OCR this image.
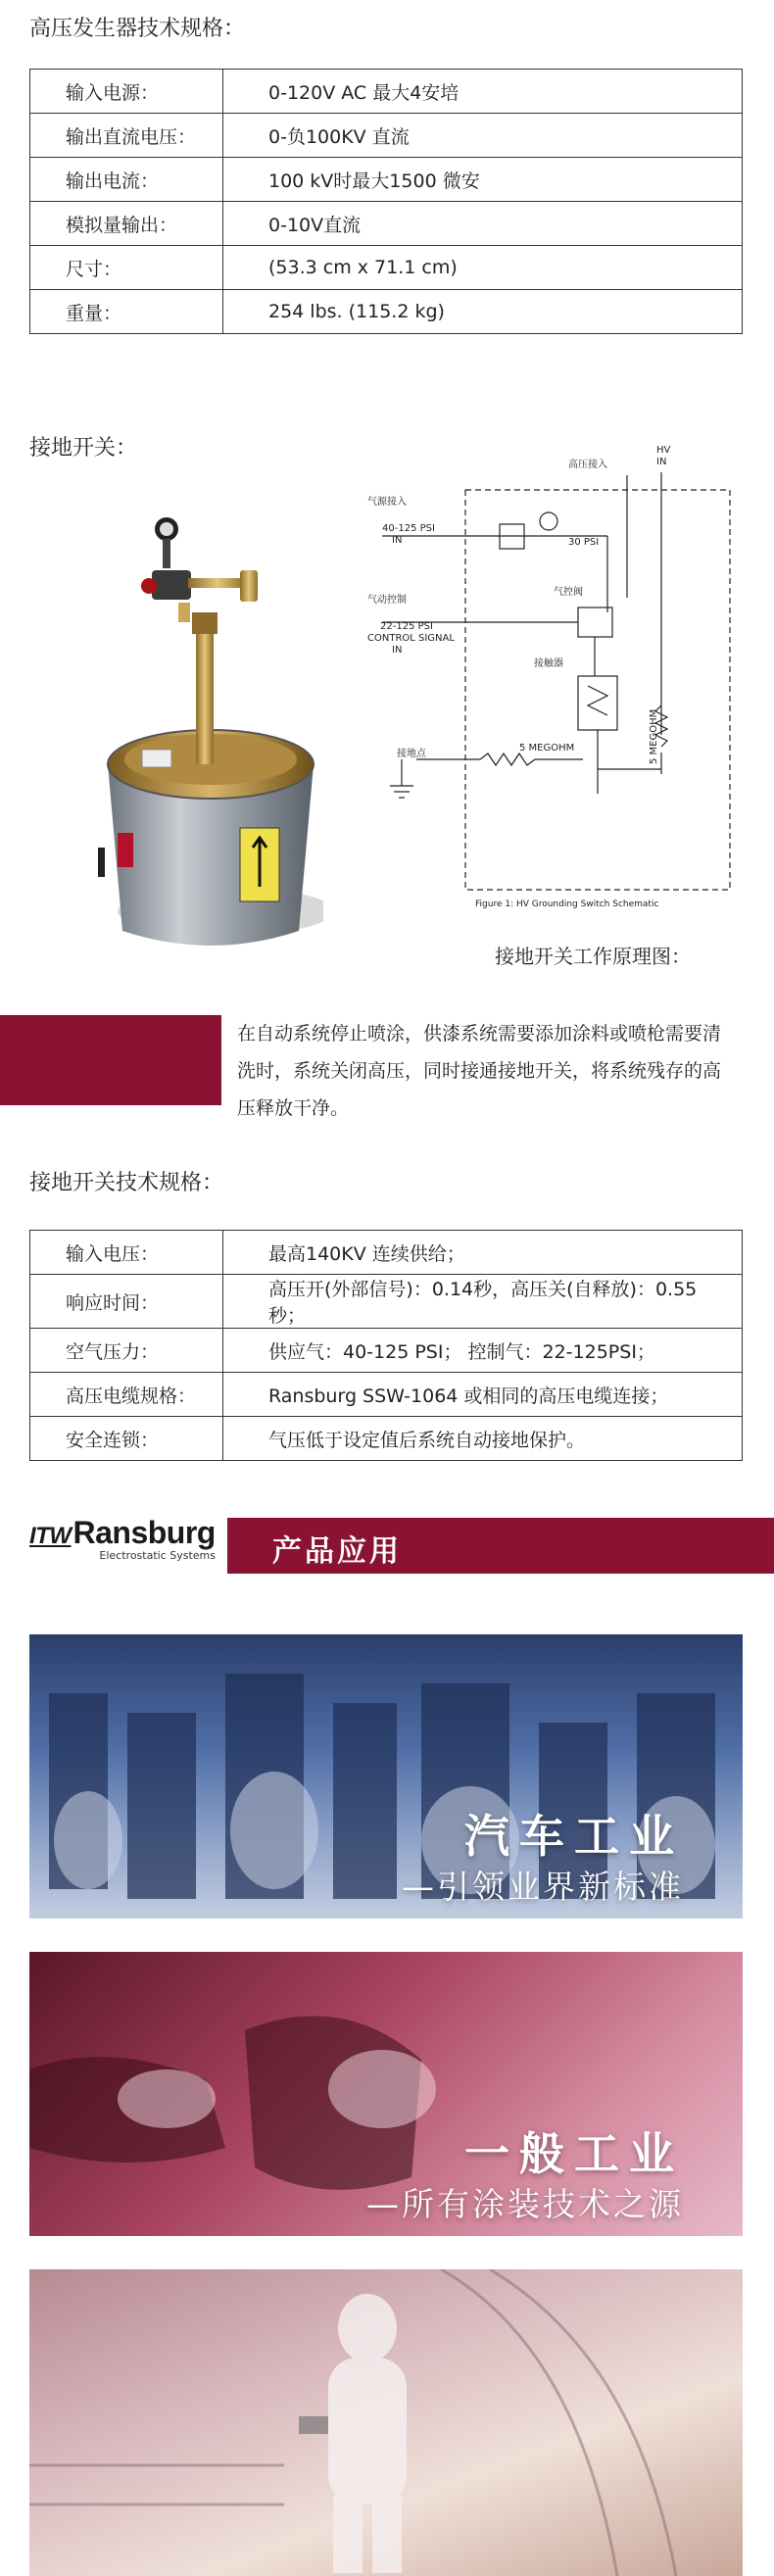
高压发生器技术规格：
输入电源：	0-120V AC 最大4安培
输出直流电压：	0-负100KV 直流
输出电流：	100 kV时最大1500 微安
模拟量输出：	0-10V直流
尺寸：	(53.3 cm x 71.1 cm)
重量：	254 lbs. (115.2 kg)
接地开关：
高压接入
HV
IN
气源接入
40-125 PSI
IN	30 PSI
气控阀
气动控制
22-125 PSI
CONTROL SIGNAL
IN
接触器
接地点
5 MEGOHM	5 MEGOHM
Figure 1: HV Grounding Switch Schematic
接地开关工作原理图：
在自动系统停止喷涂，供漆系统需要添加涂料或喷枪需要清洗时，系统关闭高压，同时接通接地开关，将系统残存的高压释放干净。
接地开关技术规格：
输入电压：	最高140KV 连续供给；
响应时间：	高压开(外部信号)：0.14秒，高压关(自释放)：0.55秒；
空气压力：	供应气：40-125 PSI； 控制气：22-125PSI；
高压电缆规格：	Ransburg SSW-1064 或相同的高压电缆连接；
安全连锁：	气压低于设定值后系统自动接地保护。
ITWRansburg
Electrostatic Systems 产品应用
汽车工业
—引领业界新标准
一般工业
—所有涂装技术之源
